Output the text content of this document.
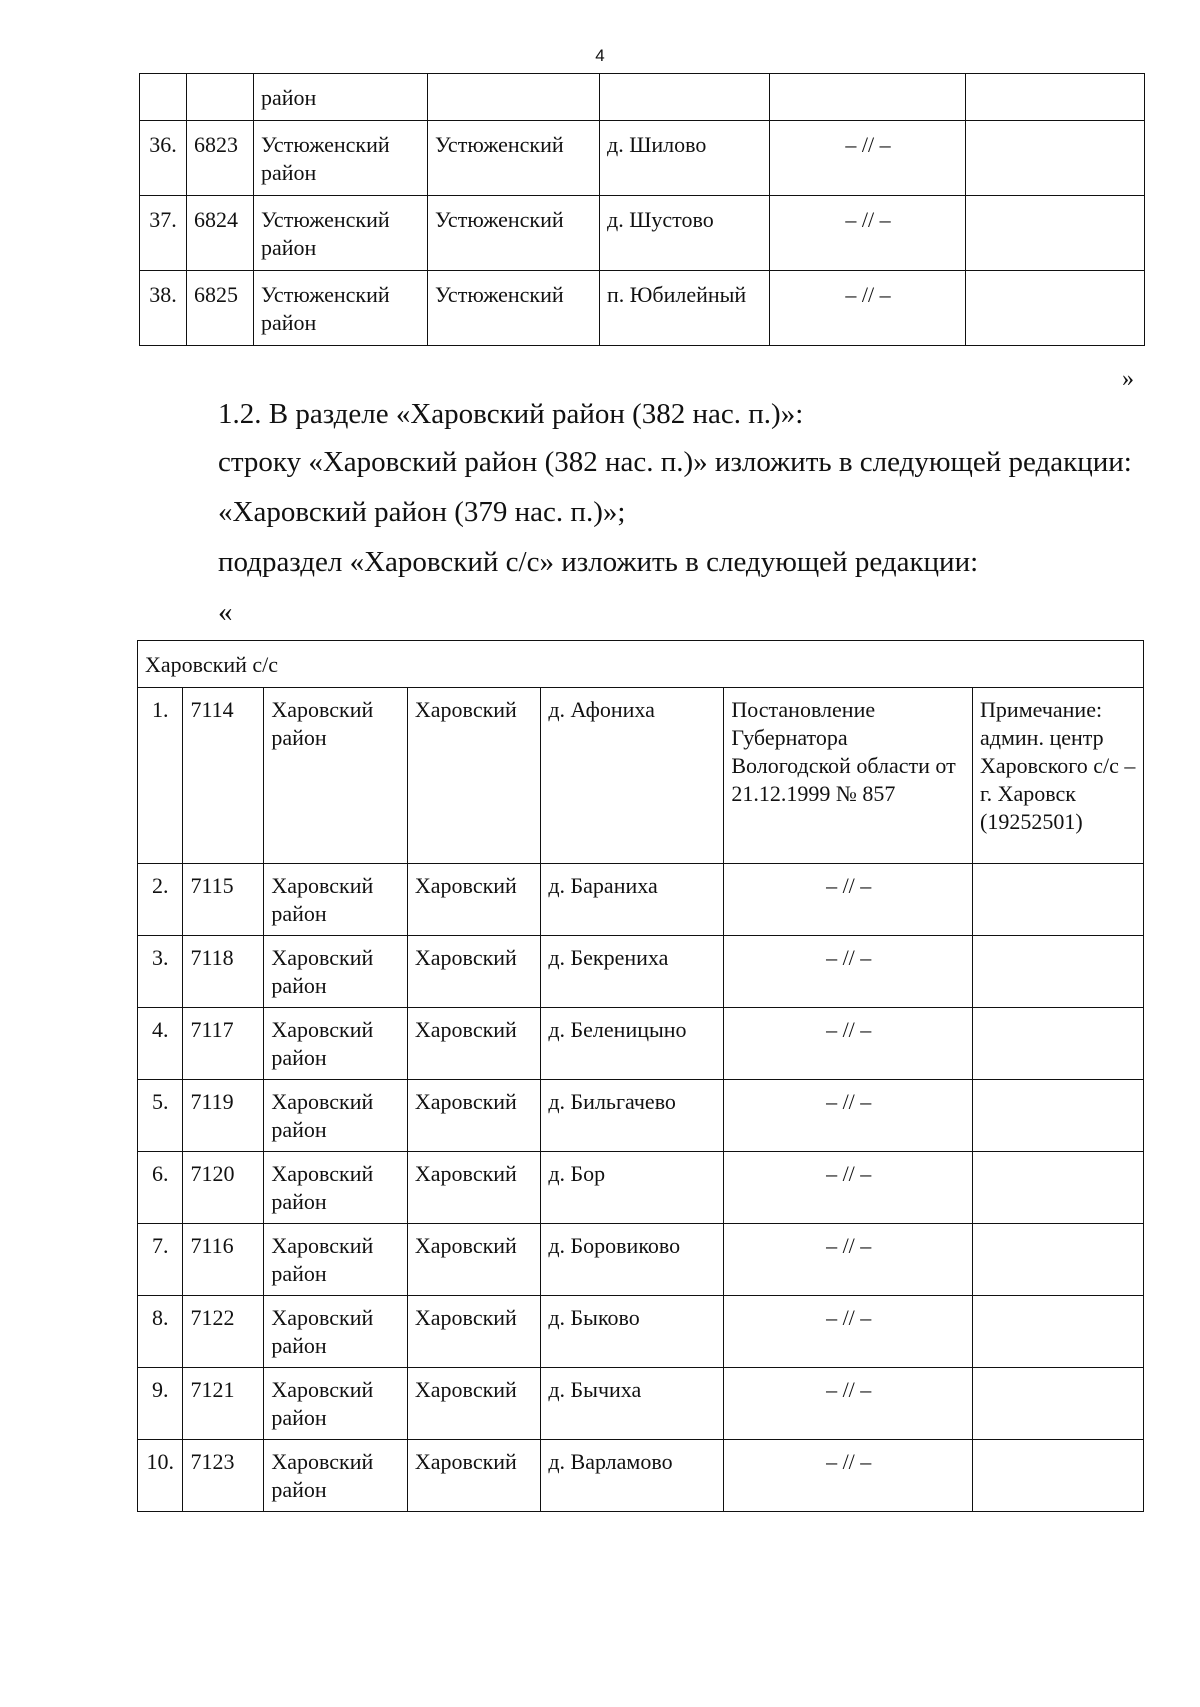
4
		район				
36.	6823	Устюженский район	Устюженский	д. Шилово	– // –	
37.	6824	Устюженский район	Устюженский	д. Шустово	– // –	
38.	6825	Устюженский район	Устюженский	п. Юбилейный	– // –	
»
1.2. В разделе «Харовский район (382 нас. п.)»:
строку «Харовский район (382 нас. п.)» изложить в следующей редакции:
«Харовский район (379 нас. п.)»;
подраздел «Харовский с/с» изложить в следующей редакции:
«
Харовский с/с						
1.	7114	Харовский район	Харовский	д. Афониха	Постановление Губернатора Вологодской области от 21.12.1999 № 857	Примечание: админ. центр Харовского с/с – г. Харовск (19252501)
2.	7115	Харовский район	Харовский	д. Бараниха	– // –	
3.	7118	Харовский район	Харовский	д. Бекрениха	– // –	
4.	7117	Харовский район	Харовский	д. Беленицыно	– // –	
5.	7119	Харовский район	Харовский	д. Бильгачево	– // –	
6.	7120	Харовский район	Харовский	д. Бор	– // –	
7.	7116	Харовский район	Харовский	д. Боровиково	– // –	
8.	7122	Харовский район	Харовский	д. Быково	– // –	
9.	7121	Харовский район	Харовский	д. Бычиха	– // –	
10.	7123	Харовский район	Харовский	д. Варламово	– // –	
